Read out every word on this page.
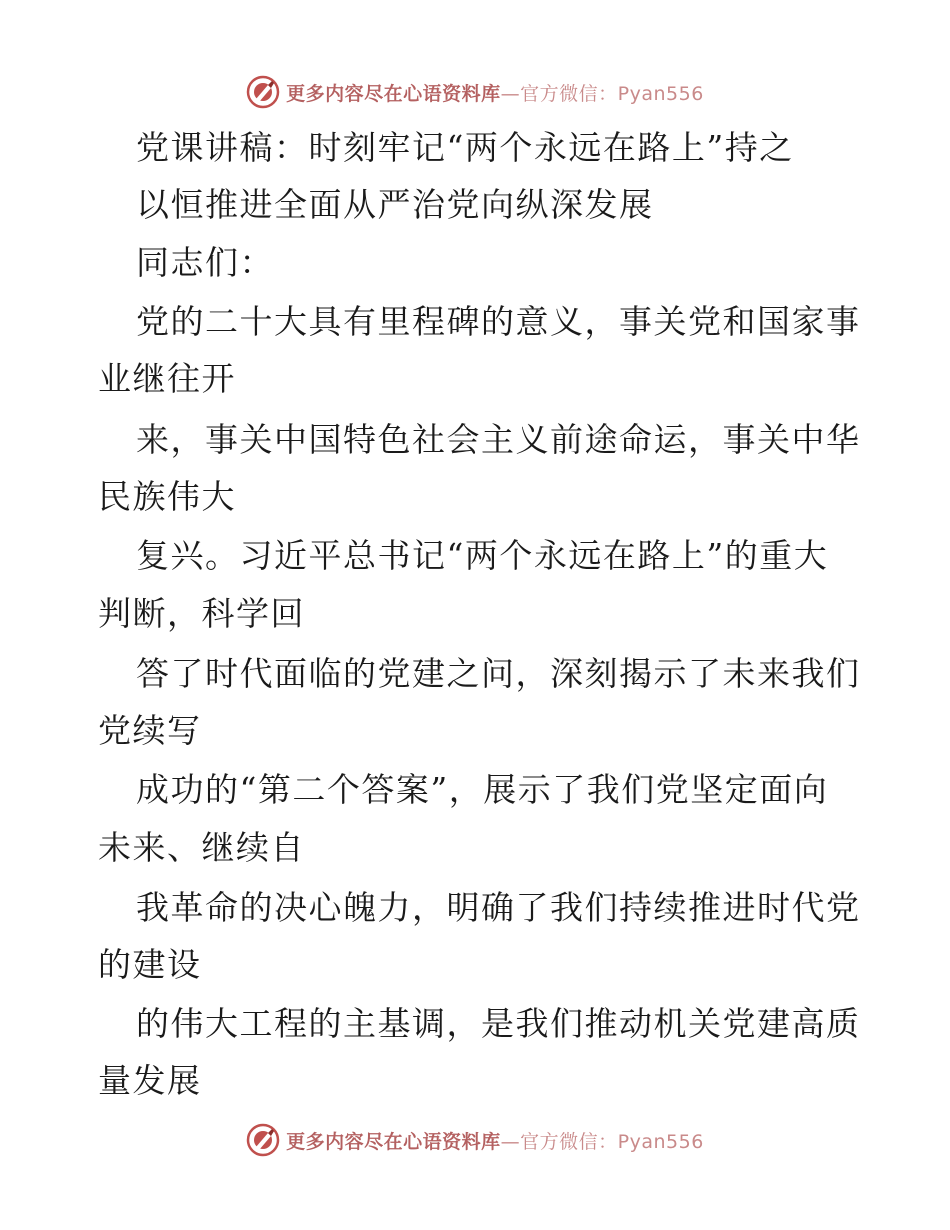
更多内容尽在心语资料库—官方微信：Pyan556
党课讲稿：时刻牢记“两个永远在路上”持之
以恒推进全面从严治党向纵深发展
同志们：
党的二十大具有里程碑的意义，事关党和国家事
业继往开
来，事关中国特色社会主义前途命运，事关中华
民族伟大
复兴。习近平总书记“两个永远在路上”的重大
判断，科学回
答了时代面临的党建之问，深刻揭示了未来我们
党续写
成功的“第二个答案”，展示了我们党坚定面向
未来、继续自
我革命的决心魄力，明确了我们持续推进时代党
的建设
的伟大工程的主基调，是我们推动机关党建高质
量发展
更多内容尽在心语资料库—官方微信：Pyan556
